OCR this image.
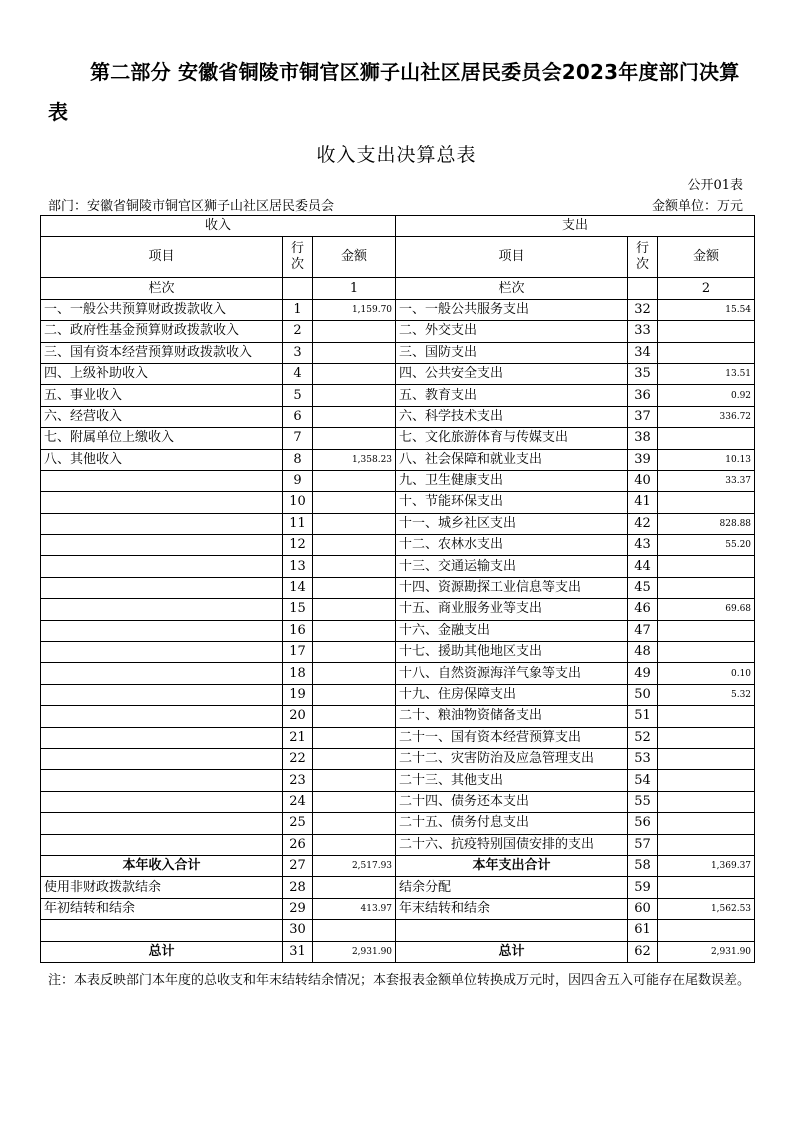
第二部分 安徽省铜陵市铜官区狮子山社区居民委员会2023年度部门决算表
收入支出决算总表
公开01表
部门：安徽省铜陵市铜官区狮子山社区居民委员会	金额单位：万元
收入			支出		
项目	行次	金额	项目	行次	金额
栏次		1	栏次		2
一、一般公共预算财政拨款收入	1	1,159.70	一、一般公共服务支出	32	15.54
二、政府性基金预算财政拨款收入	2		二、外交支出	33	
三、国有资本经营预算财政拨款收入	3		三、国防支出	34	
四、上级补助收入	4		四、公共安全支出	35	13.51
五、事业收入	5		五、教育支出	36	0.92
六、经营收入	6		六、科学技术支出	37	336.72
七、附属单位上缴收入	7		七、文化旅游体育与传媒支出	38	
八、其他收入	8	1,358.23	八、社会保障和就业支出	39	10.13
	9		九、卫生健康支出	40	33.37
	10		十、节能环保支出	41	
	11		十一、城乡社区支出	42	828.88
	12		十二、农林水支出	43	55.20
	13		十三、交通运输支出	44	
	14		十四、资源勘探工业信息等支出	45	
	15		十五、商业服务业等支出	46	69.68
	16		十六、金融支出	47	
	17		十七、援助其他地区支出	48	
	18		十八、自然资源海洋气象等支出	49	0.10
	19		十九、住房保障支出	50	5.32
	20		二十、粮油物资储备支出	51	
	21		二十一、国有资本经营预算支出	52	
	22		二十二、灾害防治及应急管理支出	53	
	23		二十三、其他支出	54	
	24		二十四、债务还本支出	55	
	25		二十五、债务付息支出	56	
	26		二十六、抗疫特别国债安排的支出	57	
本年收入合计	27	2,517.93	本年支出合计	58	1,369.37
使用非财政拨款结余	28		结余分配	59	
年初结转和结余	29	413.97	年末结转和结余	60	1,562.53
	30			61	
总计	31	2,931.90	总计	62	2,931.90
注：本表反映部门本年度的总收支和年末结转结余情况；本套报表金额单位转换成万元时，因四舍五入可能存在尾数误差。
